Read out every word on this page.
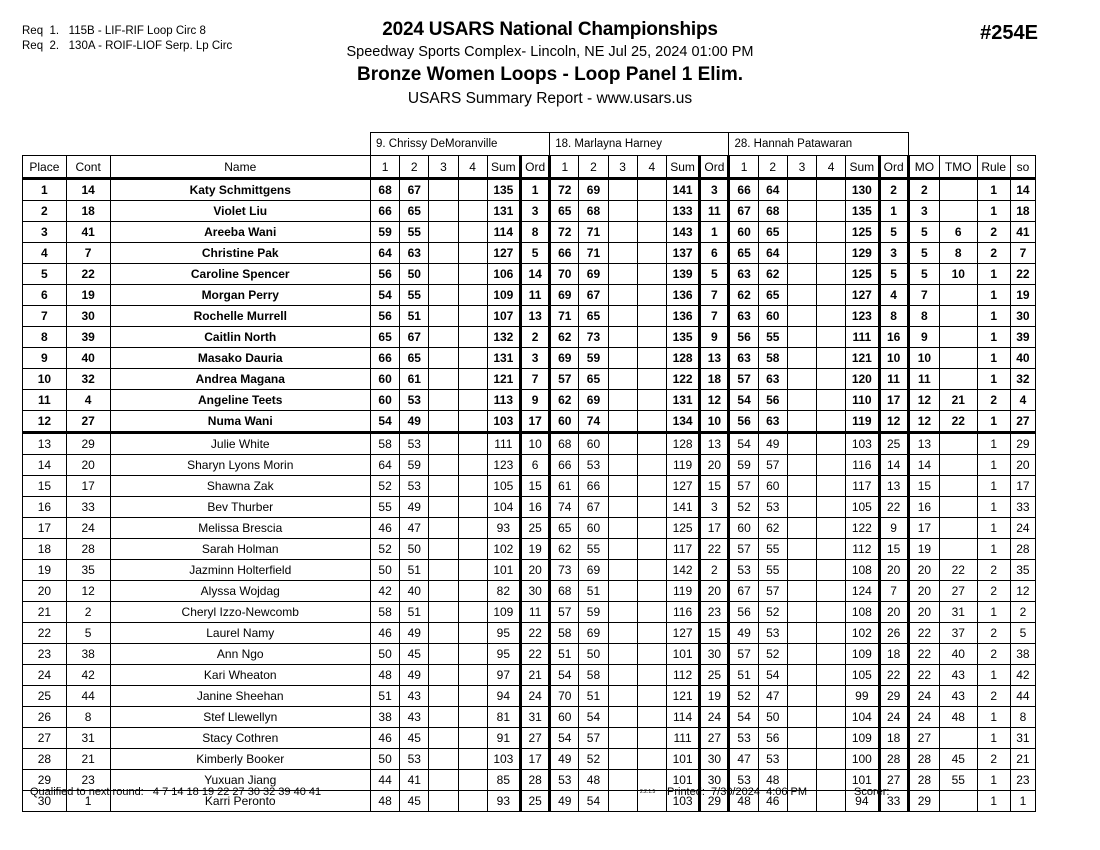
Req  1.   115B - LIF-RIF Loop Circ 8
Req  2.   130A - ROIF-LIOF Serp. Lp Circ
2024 USARS National Championships
Speedway Sports Complex- Lincoln, NE Jul 25, 2024 01:00 PM
Bronze Women Loops - Loop Panel 1 Elim.
USARS Summary Report - www.usars.us
#254E
			9. Chrissy DeMoranville						18. Marlayna Harney						28. Hannah Patawaran									
Place	Cont	Name	1	2	3	4	Sum	Ord	1	2	3	4	Sum	Ord	1	2	3	4	Sum	Ord	MO	TMO	Rule	so
1	14	Katy Schmittgens	68	67			135	1	72	69			141	3	66	64			130	2	2		1	14
2	18	Violet Liu	66	65			131	3	65	68			133	11	67	68			135	1	3		1	18
3	41	Areeba Wani	59	55			114	8	72	71			143	1	60	65			125	5	5	6	2	41
4	7	Christine Pak	64	63			127	5	66	71			137	6	65	64			129	3	5	8	2	7
5	22	Caroline Spencer	56	50			106	14	70	69			139	5	63	62			125	5	5	10	1	22
6	19	Morgan Perry	54	55			109	11	69	67			136	7	62	65			127	4	7		1	19
7	30	Rochelle Murrell	56	51			107	13	71	65			136	7	63	60			123	8	8		1	30
8	39	Caitlin North	65	67			132	2	62	73			135	9	56	55			111	16	9		1	39
9	40	Masako Dauria	66	65			131	3	69	59			128	13	63	58			121	10	10		1	40
10	32	Andrea Magana	60	61			121	7	57	65			122	18	57	63			120	11	11		1	32
11	4	Angeline Teets	60	53			113	9	62	69			131	12	54	56			110	17	12	21	2	4
12	27	Numa Wani	54	49			103	17	60	74			134	10	56	63			119	12	12	22	1	27
13	29	Julie White	58	53			111	10	68	60			128	13	54	49			103	25	13		1	29
14	20	Sharyn Lyons Morin	64	59			123	6	66	53			119	20	59	57			116	14	14		1	20
15	17	Shawna Zak	52	53			105	15	61	66			127	15	57	60			117	13	15		1	17
16	33	Bev Thurber	55	49			104	16	74	67			141	3	52	53			105	22	16		1	33
17	24	Melissa Brescia	46	47			93	25	65	60			125	17	60	62			122	9	17		1	24
18	28	Sarah Holman	52	50			102	19	62	55			117	22	57	55			112	15	19		1	28
19	35	Jazminn Holterfield	50	51			101	20	73	69			142	2	53	55			108	20	20	22	2	35
20	12	Alyssa Wojdag	42	40			82	30	68	51			119	20	67	57			124	7	20	27	2	12
21	2	Cheryl Izzo-Newcomb	58	51			109	11	57	59			116	23	56	52			108	20	20	31	1	2
22	5	Laurel Namy	46	49			95	22	58	69			127	15	49	53			102	26	22	37	2	5
23	38	Ann Ngo	50	45			95	22	51	50			101	30	57	52			109	18	22	40	2	38
24	42	Kari Wheaton	48	49			97	21	54	58			112	25	51	54			105	22	22	43	1	42
25	44	Janine Sheehan	51	43			94	24	70	51			121	19	52	47			99	29	24	43	2	44
26	8	Stef Llewellyn	38	43			81	31	60	54			114	24	54	50			104	24	24	48	1	8
27	31	Stacy Cothren	46	45			91	27	54	57			111	27	53	56			109	18	27		1	31
28	21	Kimberly Booker	50	53			103	17	49	52			101	30	47	53			100	28	28	45	2	21
29	23	Yuxuan Jiang	44	41			85	28	53	48			101	30	53	48			101	27	28	55	1	23
30	1	Karri Peronto	48	45			93	25	49	54			103	29	48	46			94	33	29		1	1
Qualified to next round:   4 7 14 18 19 22 27 30 32 39 40 41	2.2.1.5 Printed:  7/30/2024  4:06 PM	Scorer:
